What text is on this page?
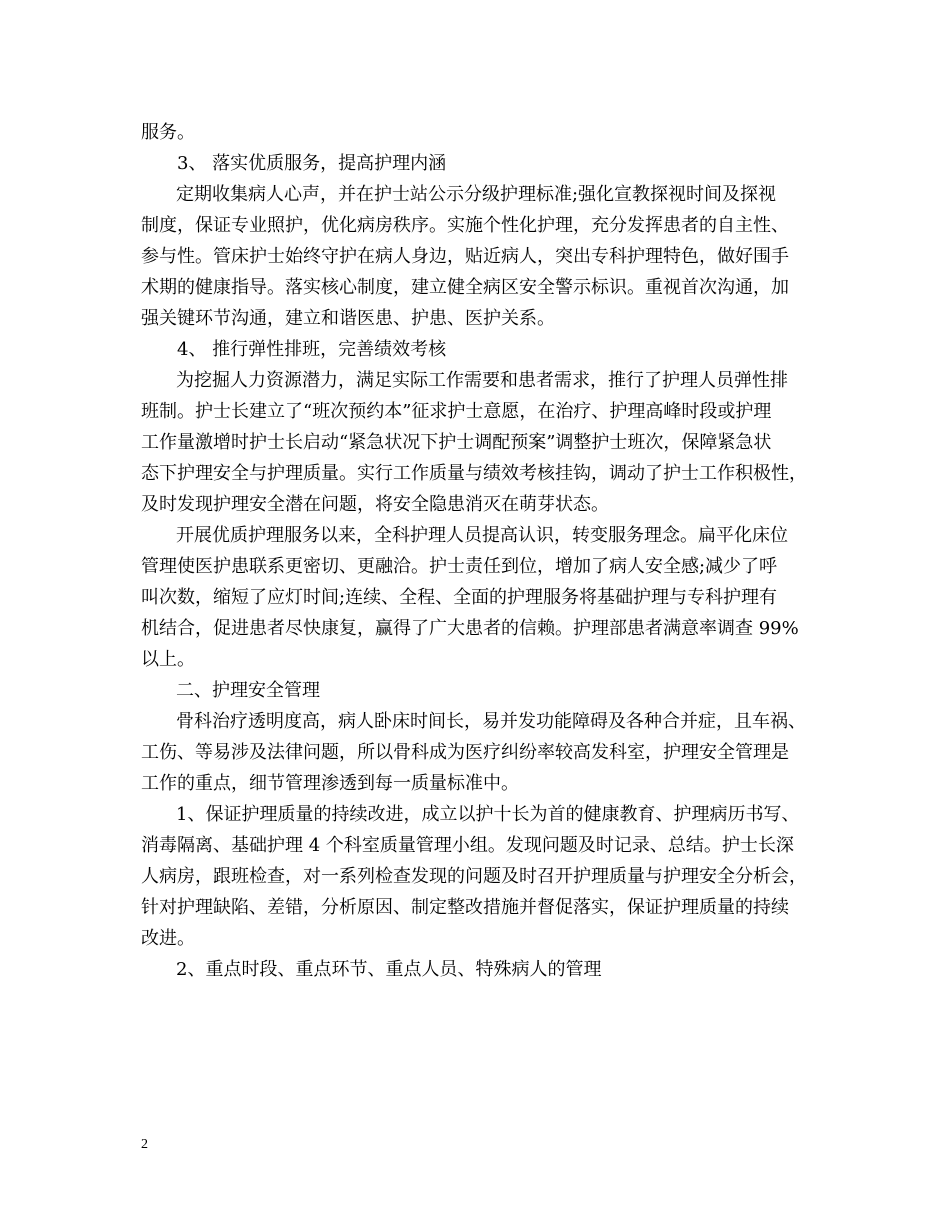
服务。
3、 落实优质服务，提高护理内涵
定期收集病人心声，并在护士站公示分级护理标准;强化宣教探视时间及探视
制度，保证专业照护，优化病房秩序。实施个性化护理，充分发挥患者的自主性、
参与性。管床护士始终守护在病人身边，贴近病人，突出专科护理特色，做好围手
术期的健康指导。落实核心制度，建立健全病区安全警示标识。重视首次沟通，加
强关键环节沟通，建立和谐医患、护患、医护关系。
4、 推行弹性排班，完善绩效考核
为挖掘人力资源潜力，满足实际工作需要和患者需求，推行了护理人员弹性排
班制。护士长建立了“班次预约本”征求护士意愿，在治疗、护理高峰时段或护理
工作量激增时护士长启动“紧急状况下护士调配预案”调整护士班次，保障紧急状
态下护理安全与护理质量。实行工作质量与绩效考核挂钩，调动了护士工作积极性，
及时发现护理安全潜在问题，将安全隐患消灭在萌芽状态。
开展优质护理服务以来，全科护理人员提高认识，转变服务理念。扁平化床位
管理使医护患联系更密切、更融洽。护士责任到位，增加了病人安全感;减少了呼
叫次数，缩短了应灯时间;连续、全程、全面的护理服务将基础护理与专科护理有
机结合，促进患者尽快康复，赢得了广大患者的信赖。护理部患者满意率调查 99%
以上。
二、护理安全管理
骨科治疗透明度高，病人卧床时间长，易并发功能障碍及各种合并症，且车祸、
工伤、等易涉及法律问题，所以骨科成为医疗纠纷率较高发科室，护理安全管理是
工作的重点，细节管理渗透到每一质量标准中。
1、保证护理质量的持续改进，成立以护十长为首的健康教育、护理病历书写、
消毒隔离、基础护理 4 个科室质量管理小组。发现问题及时记录、总结。护士长深
人病房，跟班检查，对一系列检查发现的问题及时召开护理质量与护理安全分析会，
针对护理缺陷、差错，分析原因、制定整改措施并督促落实，保证护理质量的持续
改进。
2、重点时段、重点环节、重点人员、特殊病人的管理
2
